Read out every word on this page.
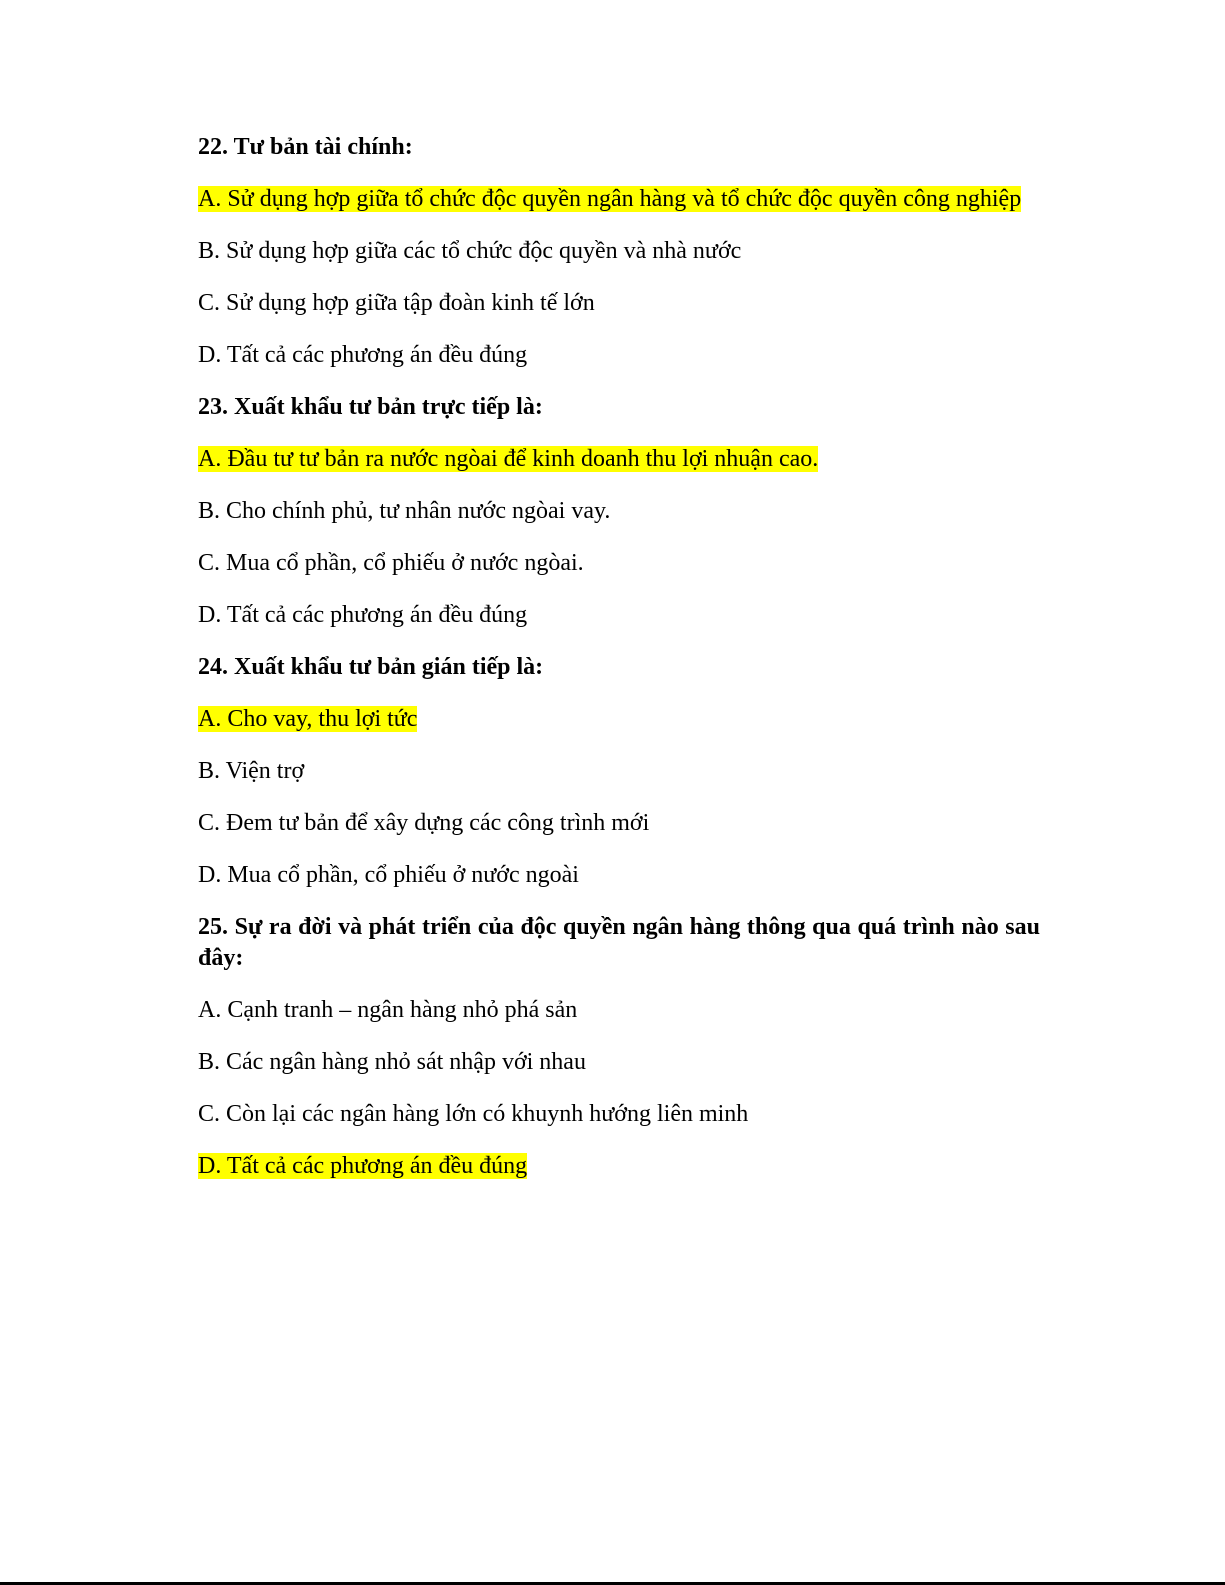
22. Tư bản tài chính:

A. Sử dụng hợp giữa tổ chức độc quyền ngân hàng và tổ chức độc quyền công nghiệp

B. Sử dụng hợp giữa các tổ chức độc quyền và nhà nước

C. Sử dụng hợp giữa tập đoàn kinh tế lớn

D. Tất cả các phương án đều đúng

23. Xuất khẩu tư bản trực tiếp là:

A. Đầu tư tư bản ra nước ngòai để kinh doanh thu lợi nhuận cao.

B. Cho chính phủ, tư nhân nước ngòai vay.

C. Mua cổ phần, cổ phiếu ở nước ngòai.

D. Tất cả các phương án đều đúng

24. Xuất khẩu tư bản gián tiếp là:

A. Cho vay, thu lợi tức

B. Viện trợ

C. Đem tư bản để xây dựng các công trình mới

D. Mua cổ phần, cổ phiếu ở nước ngoài

25. Sự ra đời và phát triển của độc quyền ngân hàng thông qua quá trình nào sau đây:

A. Cạnh tranh – ngân hàng nhỏ phá sản

B. Các ngân hàng nhỏ sát nhập với nhau

C. Còn lại các ngân hàng lớn có khuynh hướng liên minh

D. Tất cả các phương án đều đúng
